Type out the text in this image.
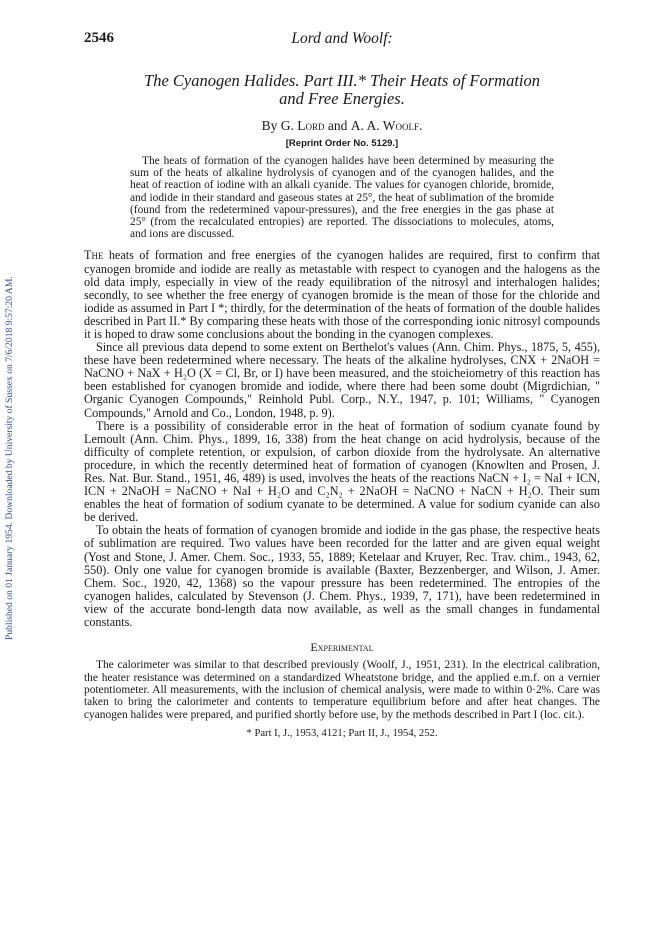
Published on 01 January 1954. Downloaded by University of Sussex on 7/6/2018 9:57:20 AM.
2546	Lord and Woolf:
The Cyanogen Halides. Part III.* Their Heats of Formation
and Free Energies.
By G. Lord and A. A. Woolf.
[Reprint Order No. 5129.]
The heats of formation of the cyanogen halides have been determined by measuring the sum of the heats of alkaline hydrolysis of cyanogen and of the cyanogen halides, and the heat of reaction of iodine with an alkali cyanide. The values for cyanogen chloride, bromide, and iodide in their standard and gaseous states at 25°, the heat of sublimation of the bromide (found from the redetermined vapour-pressures), and the free energies in the gas phase at 25° (from the recalculated entropies) are reported. The dissociations to molecules, atoms, and ions are discussed.

The heats of formation and free energies of the cyanogen halides are required, first to confirm that cyanogen bromide and iodide are really as metastable with respect to cyanogen and the halogens as the old data imply, especially in view of the ready equilibration of the nitrosyl and interhalogen halides; secondly, to see whether the free energy of cyanogen bromide is the mean of those for the chloride and iodide as assumed in Part I *; thirdly, for the determination of the heats of formation of the double halides described in Part II.* By comparing these heats with those of the corresponding ionic nitrosyl compounds it is hoped to draw some conclusions about the bonding in the cyanogen complexes.

Since all previous data depend to some extent on Berthelot's values (Ann. Chim. Phys., 1875, 5, 455), these have been redetermined where necessary. The heats of the alkaline hydrolyses, CNX + 2NaOH = NaCNO + NaX + H₂O (X = Cl, Br, or I) have been measured, and the stoicheiometry of this reaction has been established for cyanogen bromide and iodide, where there had been some doubt (Migrdichian, " Organic Cyanogen Compounds," Reinhold Publ. Corp., N.Y., 1947, p. 101; Williams, " Cyanogen Compounds," Arnold and Co., London, 1948, p. 9).

There is a possibility of considerable error in the heat of formation of sodium cyanate found by Lemoult (Ann. Chim. Phys., 1899, 16, 338) from the heat change on acid hydrolysis, because of the difficulty of complete retention, or expulsion, of carbon dioxide from the hydrolysate. An alternative procedure, in which the recently determined heat of formation of cyanogen (Knowlten and Prosen, J. Res. Nat. Bur. Stand., 1951, 46, 489) is used, involves the heats of the reactions NaCN + I₂ = NaI + ICN, ICN + 2NaOH = NaCNO + NaI + H₂O and C₂N₂ + 2NaOH = NaCNO + NaCN + H₂O. Their sum enables the heat of formation of sodium cyanate to be determined. A value for sodium cyanide can also be derived.

To obtain the heats of formation of cyanogen bromide and iodide in the gas phase, the respective heats of sublimation are required. Two values have been recorded for the latter and are given equal weight (Yost and Stone, J. Amer. Chem. Soc., 1933, 55, 1889; Ketelaar and Kruyer, Rec. Trav. chim., 1943, 62, 550). Only one value for cyanogen bromide is available (Baxter, Bezzenberger, and Wilson, J. Amer. Chem. Soc., 1920, 42, 1368) so the vapour pressure has been redetermined. The entropies of the cyanogen halides, calculated by Stevenson (J. Chem. Phys., 1939, 7, 171), have been redetermined in view of the accurate bond-length data now available, as well as the small changes in fundamental constants.

Experimental

The calorimeter was similar to that described previously (Woolf, J., 1951, 231). In the electrical calibration, the heater resistance was determined on a standardized Wheatstone bridge, and the applied e.m.f. on a vernier potentiometer. All measurements, with the inclusion of chemical analysis, were made to within 0·2%. Care was taken to bring the calorimeter and contents to temperature equilibrium before and after heat changes. The cyanogen halides were prepared, and purified shortly before use, by the methods described in Part I (loc. cit.).

* Part I, J., 1953, 4121; Part II, J., 1954, 252.
